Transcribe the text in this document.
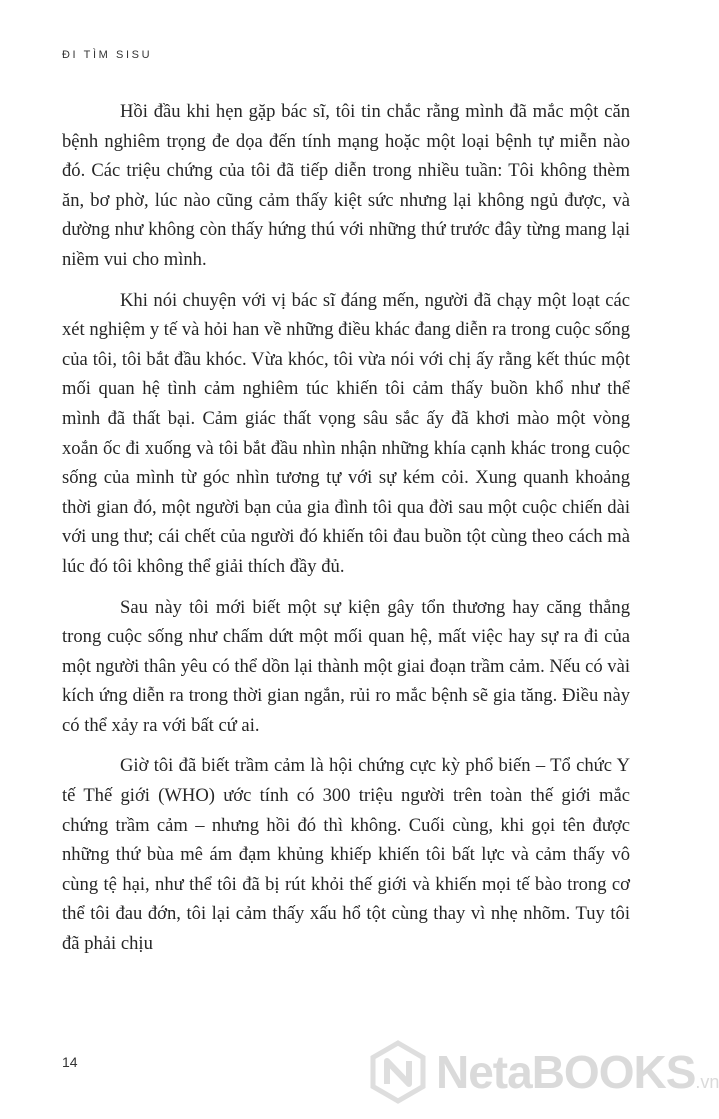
ĐI TÌM SISU

Hồi đầu khi hẹn gặp bác sĩ, tôi tin chắc rằng mình đã mắc một căn bệnh nghiêm trọng đe dọa đến tính mạng hoặc một loại bệnh tự miễn nào đó. Các triệu chứng của tôi đã tiếp diễn trong nhiều tuần: Tôi không thèm ăn, bơ phờ, lúc nào cũng cảm thấy kiệt sức nhưng lại không ngủ được, và dường như không còn thấy hứng thú với những thứ trước đây từng mang lại niềm vui cho mình.

Khi nói chuyện với vị bác sĩ đáng mến, người đã chạy một loạt các xét nghiệm y tế và hỏi han về những điều khác đang diễn ra trong cuộc sống của tôi, tôi bắt đầu khóc. Vừa khóc, tôi vừa nói với chị ấy rằng kết thúc một mối quan hệ tình cảm nghiêm túc khiến tôi cảm thấy buồn khổ như thể mình đã thất bại. Cảm giác thất vọng sâu sắc ấy đã khơi mào một vòng xoắn ốc đi xuống và tôi bắt đầu nhìn nhận những khía cạnh khác trong cuộc sống của mình từ góc nhìn tương tự với sự kém cỏi. Xung quanh khoảng thời gian đó, một người bạn của gia đình tôi qua đời sau một cuộc chiến dài với ung thư; cái chết của người đó khiến tôi đau buồn tột cùng theo cách mà lúc đó tôi không thể giải thích đầy đủ.

Sau này tôi mới biết một sự kiện gây tổn thương hay căng thẳng trong cuộc sống như chấm dứt một mối quan hệ, mất việc hay sự ra đi của một người thân yêu có thể dồn lại thành một giai đoạn trầm cảm. Nếu có vài kích ứng diễn ra trong thời gian ngắn, rủi ro mắc bệnh sẽ gia tăng. Điều này có thể xảy ra với bất cứ ai.

Giờ tôi đã biết trầm cảm là hội chứng cực kỳ phổ biến – Tổ chức Y tế Thế giới (WHO) ước tính có 300 triệu người trên toàn thế giới mắc chứng trầm cảm – nhưng hồi đó thì không. Cuối cùng, khi gọi tên được những thứ bùa mê ám đạm khủng khiếp khiến tôi bất lực và cảm thấy vô cùng tệ hại, như thể tôi đã bị rút khỏi thế giới và khiến mọi tế bào trong cơ thể tôi đau đớn, tôi lại cảm thấy xấu hổ tột cùng thay vì nhẹ nhõm. Tuy tôi đã phải chịu

14	NetaBOOKS.vn
